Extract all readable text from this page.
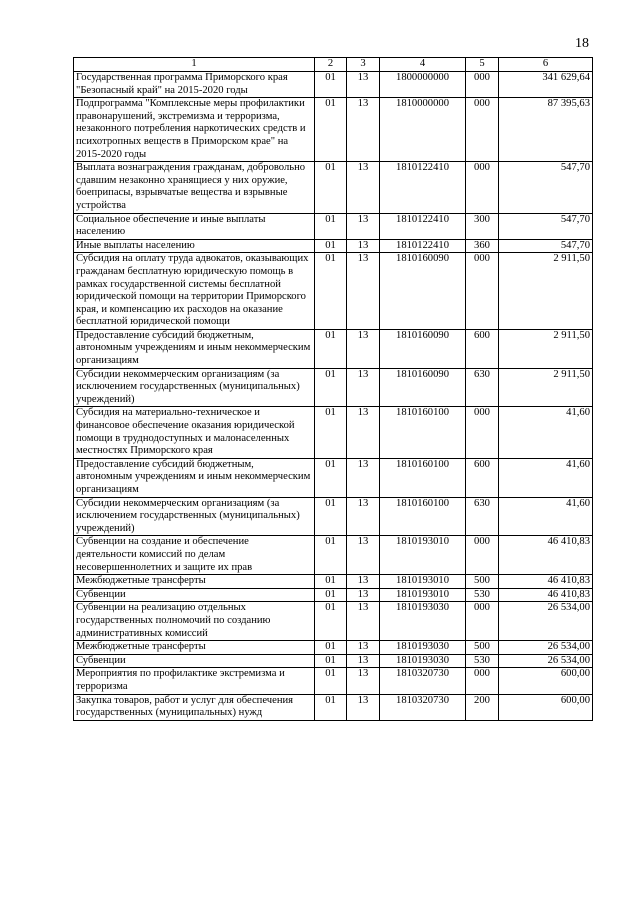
18
1	2	3	4	5	6
Государственная программа Приморского края "Безопасный край" на 2015-2020 годы	01	13	1800000000	000	341 629,64
Подпрограмма "Комплексные меры профилактики правонарушений, экстремизма и терроризма, незаконного потребления наркотических средств и психотропных веществ в Приморском крае" на 2015-2020 годы	01	13	1810000000	000	87 395,63
Выплата вознаграждения гражданам, добровольно сдавшим незаконно хранящиеся у них оружие, боеприпасы, взрывчатые вещества и взрывные устройства	01	13	1810122410	000	547,70
Социальное обеспечение и иные выплаты населению	01	13	1810122410	300	547,70
Иные выплаты населению	01	13	1810122410	360	547,70
Субсидия на оплату труда адвокатов, оказывающих гражданам бесплатную юридическую помощь в рамках государственной системы бесплатной юридической помощи на территории Приморского края, и компенсацию их расходов на оказание бесплатной юридической помощи	01	13	1810160090	000	2 911,50
Предоставление субсидий бюджетным, автономным учреждениям и иным некоммерческим организациям	01	13	1810160090	600	2 911,50
Субсидии некоммерческим организациям (за исключением государственных (муниципальных) учреждений)	01	13	1810160090	630	2 911,50
Субсидия на материально-техническое и финансовое обеспечение оказания юридической помощи в труднодоступных и малонаселенных местностях Приморского края	01	13	1810160100	000	41,60
Предоставление субсидий бюджетным, автономным учреждениям и иным некоммерческим организациям	01	13	1810160100	600	41,60
Субсидии некоммерческим организациям (за исключением государственных (муниципальных) учреждений)	01	13	1810160100	630	41,60
Субвенции на создание и обеспечение деятельности комиссий по делам несовершеннолетних и защите их прав	01	13	1810193010	000	46 410,83
Межбюджетные трансферты	01	13	1810193010	500	46 410,83
Субвенции	01	13	1810193010	530	46 410,83
Субвенции на реализацию отдельных государственных полномочий по созданию административных комиссий	01	13	1810193030	000	26 534,00
Межбюджетные трансферты	01	13	1810193030	500	26 534,00
Субвенции	01	13	1810193030	530	26 534,00
Мероприятия по профилактике экстремизма и терроризма	01	13	1810320730	000	600,00
Закупка товаров, работ и услуг для обеспечения государственных (муниципальных) нужд	01	13	1810320730	200	600,00
